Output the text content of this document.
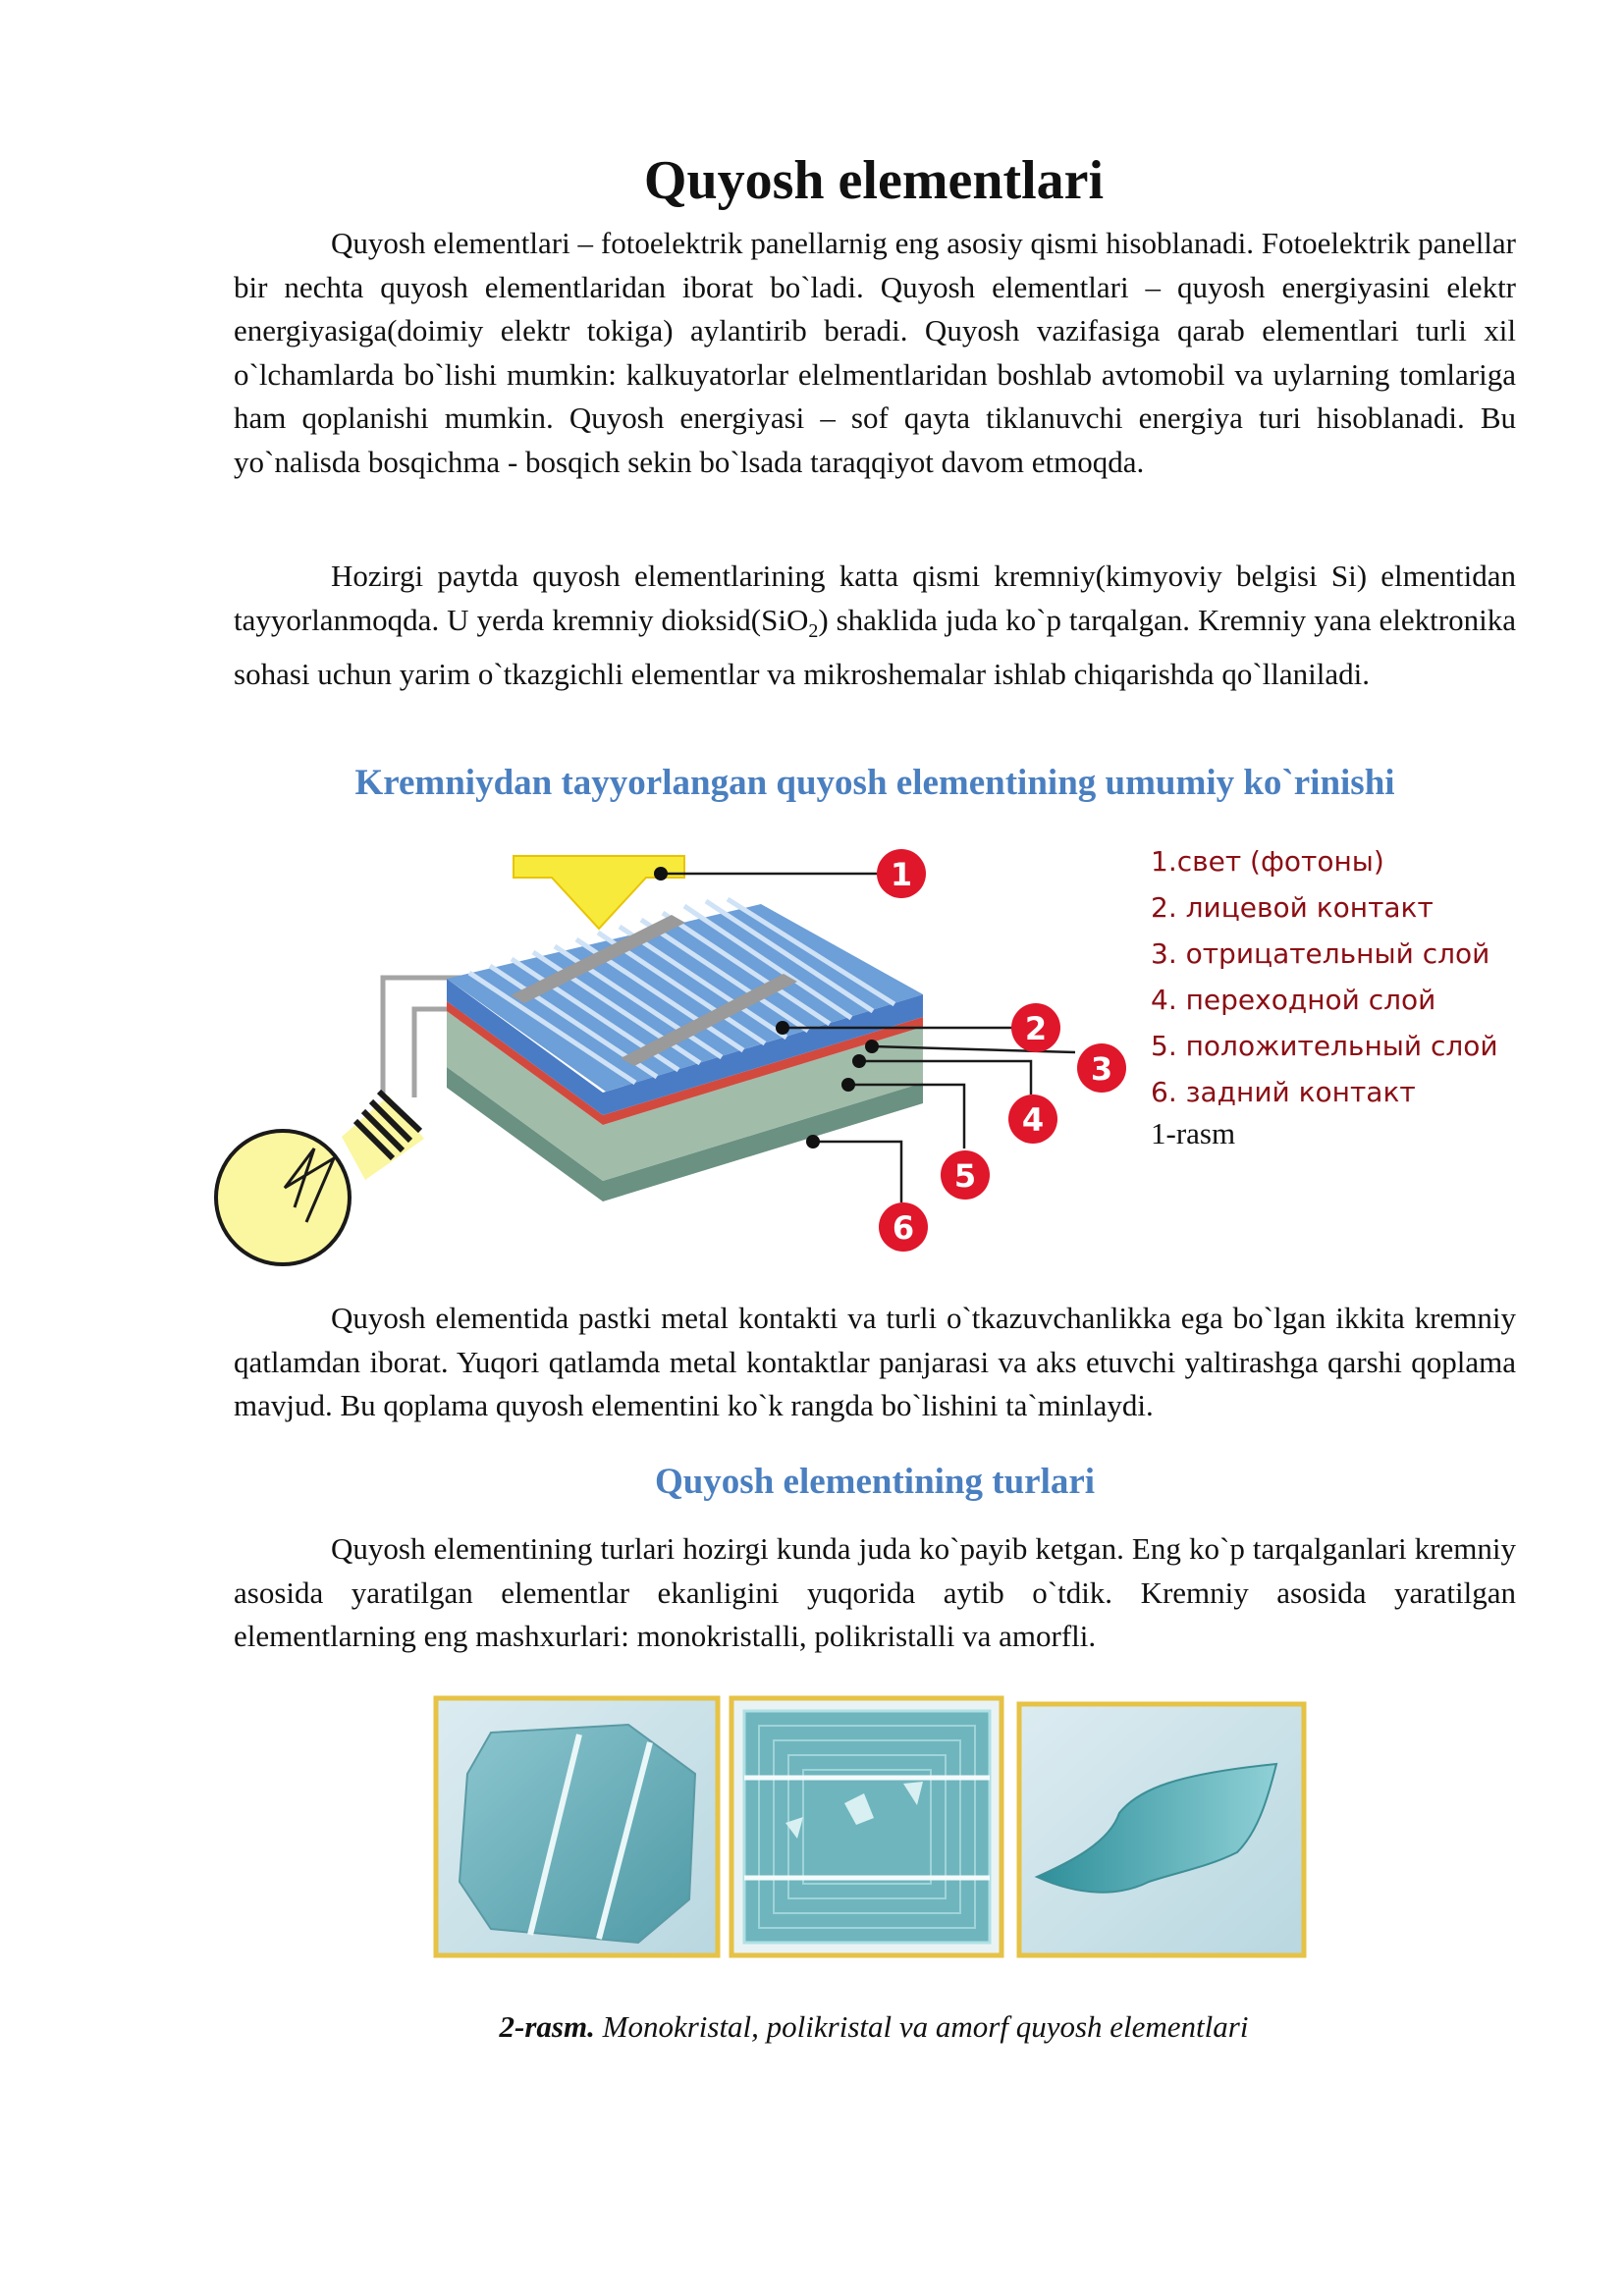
Quyosh elementlari

Quyosh elementlari – fotoelektrik panellarnig eng asosiy qismi hisoblanadi. Fotoelektrik panellar bir nechta quyosh elementlaridan iborat bo`ladi. Quyosh elementlari – quyosh energiyasini elektr energiyasiga(doimiy elektr tokiga) aylantirib beradi. Quyosh vazifasiga qarab elementlari turli xil o`lchamlarda bo`lishi mumkin: kalkuyatorlar elelmentlaridan boshlab avtomobil va uylarning tomlariga ham qoplanishi mumkin. Quyosh energiyasi – sof qayta tiklanuvchi energiya turi hisoblanadi. Bu yo`nalisda bosqichma - bosqich sekin bo`lsada taraqqiyot davom etmoqda.

Hozirgi paytda quyosh elementlarining katta qismi kremniy(kimyoviy belgisi Si) elmentidan tayyorlanmoqda. U yerda kremniy dioksid(SiO$_2$) shaklida juda ko`p tarqalgan. Kremniy yana elektronika sohasi uchun yarim o`tkazgichli elementlar va mikroshemalar ishlab chiqarishda qo`llaniladi.

Kremniydan tayyorlangan quyosh elementining umumiy ko`rinishi
1
2
3
4
5
6
1.свет (фотоны)
2. лицевой контакт
3. отрицательный слой
4. переходной слой
5. положительный слой
6. задний контакт
1-rasm

Quyosh elementida pastki metal kontakti va turli o`tkazuvchanlikka ega bo`lgan ikkita kremniy qatlamdan iborat. Yuqori qatlamda metal kontaktlar panjarasi va aks etuvchi yaltirashga qarshi qoplama mavjud. Bu qoplama quyosh elementini ko`k rangda bo`lishini ta`minlaydi.

Quyosh elementining turlari

Quyosh elementining turlari hozirgi kunda juda ko`payib ketgan. Eng ko`p tarqalganlari kremniy asosida yaratilgan elementlar ekanligini yuqorida aytib o`tdik. Kremniy asosida yaratilgan elementlarning eng mashxurlari: monokristalli, polikristalli va amorfli.

2-rasm. Monokristal, polikristal va amorf quyosh elementlari
